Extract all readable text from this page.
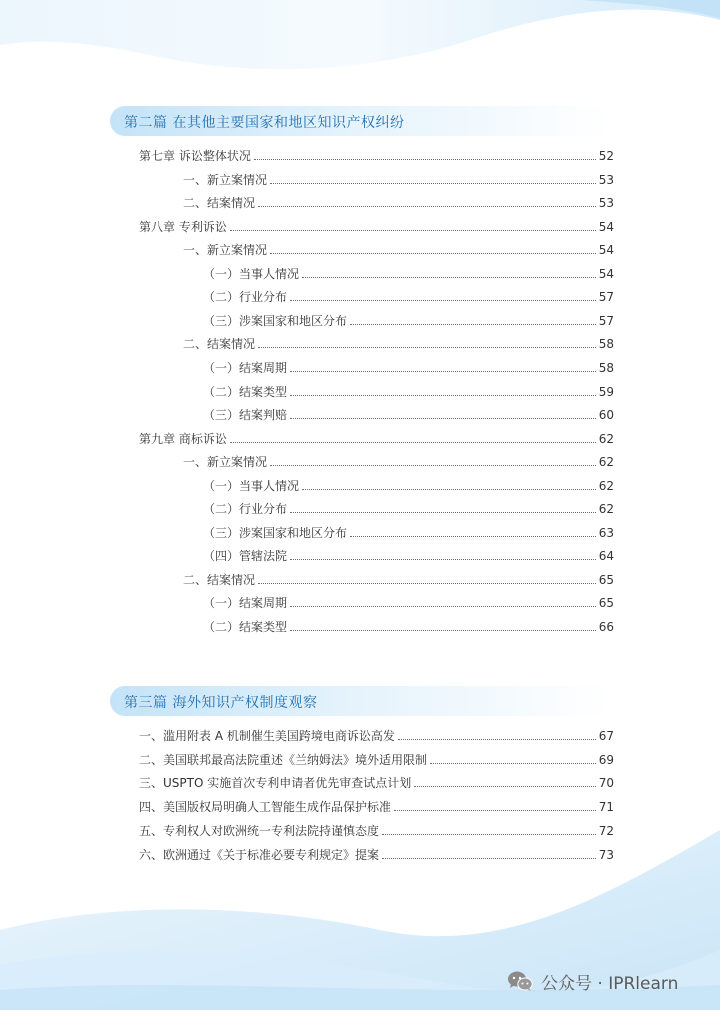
第二篇 在其他主要国家和地区知识产权纠纷
第七章 诉讼整体状况	52
一、新立案情况	53
二、结案情况	53
第八章 专利诉讼	54
一、新立案情况	54
（一）当事人情况	54
（二）行业分布	57
（三）涉案国家和地区分布	57
二、结案情况	58
（一）结案周期	58
（二）结案类型	59
（三）结案判赔	60
第九章 商标诉讼	62
一、新立案情况	62
（一）当事人情况	62
（二）行业分布	62
（三）涉案国家和地区分布	63
（四）管辖法院	64
二、结案情况	65
（一）结案周期	65
（二）结案类型	66
第三篇 海外知识产权制度观察
一、滥用附表 A 机制催生美国跨境电商诉讼高发	67
二、美国联邦最高法院重述《兰纳姆法》境外适用限制	69
三、USPTO 实施首次专利申请者优先审查试点计划	70
四、美国版权局明确人工智能生成作品保护标准	71
五、专利权人对欧洲统一专利法院持谨慎态度	72
六、欧洲通过《关于标准必要专利规定》提案	73
公众号 · IPRlearn
